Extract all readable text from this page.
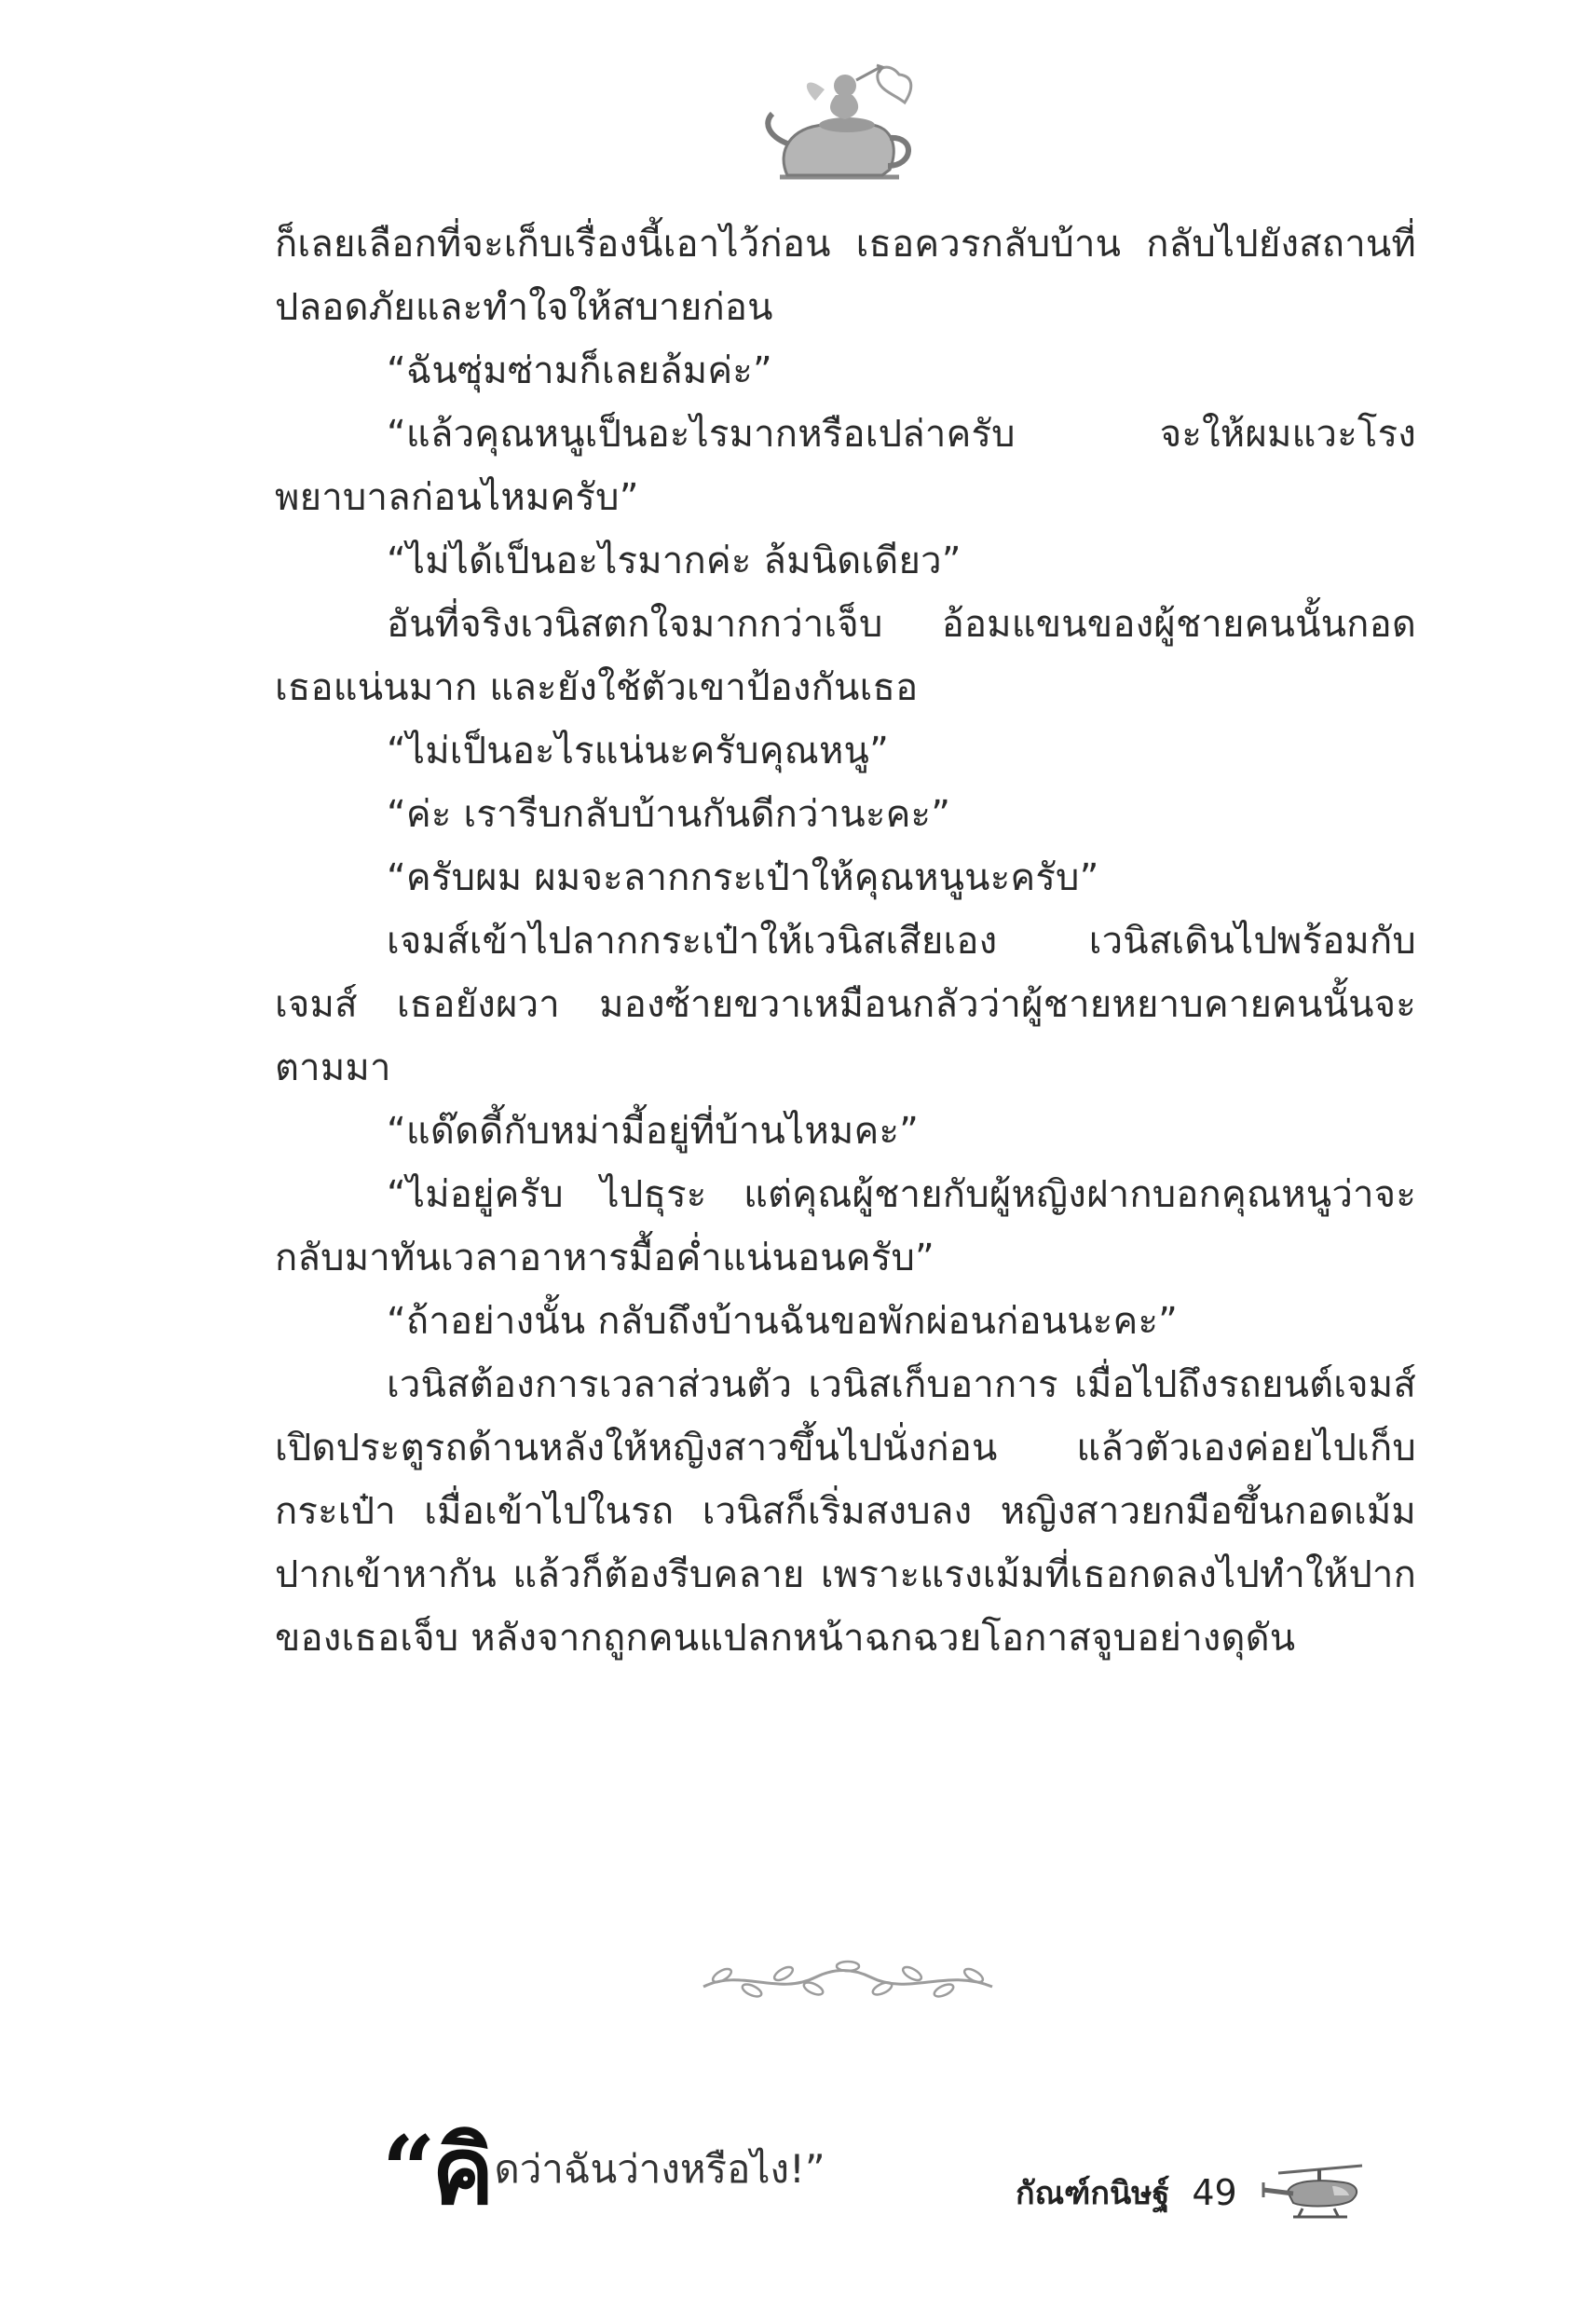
ก็เลยเลือกที่จะเก็บเรื่องนี้เอาไว้ก่อน เธอควรกลับบ้าน กลับไปยังสถานที่ปลอดภัยและทำใจให้สบายก่อน

“ฉันซุ่มซ่ามก็เลยล้มค่ะ”

“แล้วคุณหนูเป็นอะไรมากหรือเปล่าครับ จะให้ผมแวะโรงพยาบาลก่อนไหมครับ”

“ไม่ได้เป็นอะไรมากค่ะ ล้มนิดเดียว”

อันที่จริงเวนิสตกใจมากกว่าเจ็บ อ้อมแขนของผู้ชายคนนั้นกอดเธอแน่นมาก และยังใช้ตัวเขาป้องกันเธอ

“ไม่เป็นอะไรแน่นะครับคุณหนู”

“ค่ะ เรารีบกลับบ้านกันดีกว่านะคะ”

“ครับผม ผมจะลากกระเป๋าให้คุณหนูนะครับ”

เจมส์เข้าไปลากกระเป๋าให้เวนิสเสียเอง เวนิสเดินไปพร้อมกับเจมส์ เธอยังผวา มองซ้ายขวาเหมือนกลัวว่าผู้ชายหยาบคายคนนั้นจะตามมา

“แด๊ดดี้กับหม่ามี้อยู่ที่บ้านไหมคะ”

“ไม่อยู่ครับ ไปธุระ แต่คุณผู้ชายกับผู้หญิงฝากบอกคุณหนูว่าจะกลับมาทันเวลาอาหารมื้อค่ำแน่นอนครับ”

“ถ้าอย่างนั้น กลับถึงบ้านฉันขอพักผ่อนก่อนนะคะ”

เวนิสต้องการเวลาส่วนตัว เวนิสเก็บอาการ เมื่อไปถึงรถยนต์เจมส์เปิดประตูรถด้านหลังให้หญิงสาวขึ้นไปนั่งก่อน แล้วตัวเองค่อยไปเก็บกระเป๋า เมื่อเข้าไปในรถ เวนิสก็เริ่มสงบลง หญิงสาวยกมือขึ้นกอดเม้มปากเข้าหากัน แล้วก็ต้องรีบคลาย เพราะแรงเม้มที่เธอกดลงไปทำให้ปากของเธอเจ็บ หลังจากถูกคนแปลกหน้าฉกฉวยโอกาสจูบอย่างดุดัน

“คิดว่าฉันว่างหรือไง!”
กัณฑ์กนิษฐ์ 49
